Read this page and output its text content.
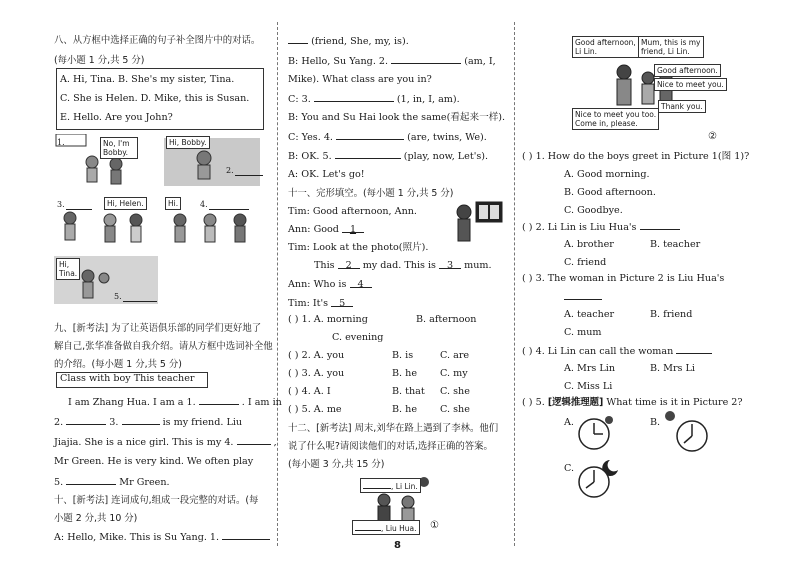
八、从方框中选择正确的句子补全图片中的对话。
(每小题 1 分,共 5 分)
A. Hi, Tina. B. She's my sister, Tina.
C. She is Helen. D. Mike, this is Susan.
E. Hello. Are you John?
1.	No, I'm Bobby.
Hi, Bobby.
2.
3.	Hi, Helen.	Hi.	4.
Hi, Tina.
5.
九、[新考法] 为了让英语俱乐部的同学们更好地了
解自己,张华准备做自我介绍。请从方框中选词补全他
的介绍。(每小题 1 分,共 5 分)
Class with boy This teacher
I am Zhang Hua. I am a 1.	. I am in
2.	3.	is my friend. Liu
Jiajia. She is a nice girl. This is my 4.	,
Mr Green. He is very kind. We often play
5.	Mr Green.
十、[新考法] 连词成句,组成一段完整的对话。(每
小题 2 分,共 10 分)
A: Hello, Mike. This is Su Yang. 1.
(friend, She, my, is).
B: Hello, Su Yang. 2.	(am, I,
Mike). What class are you in?
C: 3.	(1, in, I, am).
B: You and Su Hai look the same(看起来一样).
C: Yes. 4.	(are, twins, We).
B: OK. 5.	(play, now, Let's).
A: OK. Let's go!
十一、完形填空。(每小题 1 分,共 5 分)
Tim: Good afternoon, Ann.
Ann: Good 1
Tim: Look at the photo(照片).
This 2 my dad. This is 3 mum.
Ann: Who is 4
Tim: It's 5
( ) 1. A. morning	B. afternoon
C. evening
( ) 2. A. you	B. is	C. are
( ) 3. A. you	B. he C. my
( ) 4. A. I	B. that C. she
( ) 5. A. me	B. he C. she
十二、[新考法] 周末,刘华在路上遇到了李林。他们
说了什么呢?请阅读他们的对话,选择正确的答案。
(每小题 3 分,共 15 分)
, Li Lin.
, Liu Hua.	①
Good afternoon,
Li Lin.
Mum, this is my
friend, Li Lin.
Good afternoon.
Nice to meet you.
Nice to meet you too.
Come in, please.
Thank you.
②
( ) 1. How do the boys greet in Picture 1(图 1)?
A. Good morning.
B. Good afternoon.
C. Goodbye.
( ) 2. Li Lin is Liu Hua's
A. brother	B. teacher
C. friend
( ) 3. The woman in Picture 2 is Liu Hua's
A. teacher	B. friend
C. mum
( ) 4. Li Lin can call the woman
A. Mrs Lin	B. Mrs Li
C. Miss Li
( ) 5. [逻辑推理题] What time is it in Picture 2?
A.	B.
C.
8
